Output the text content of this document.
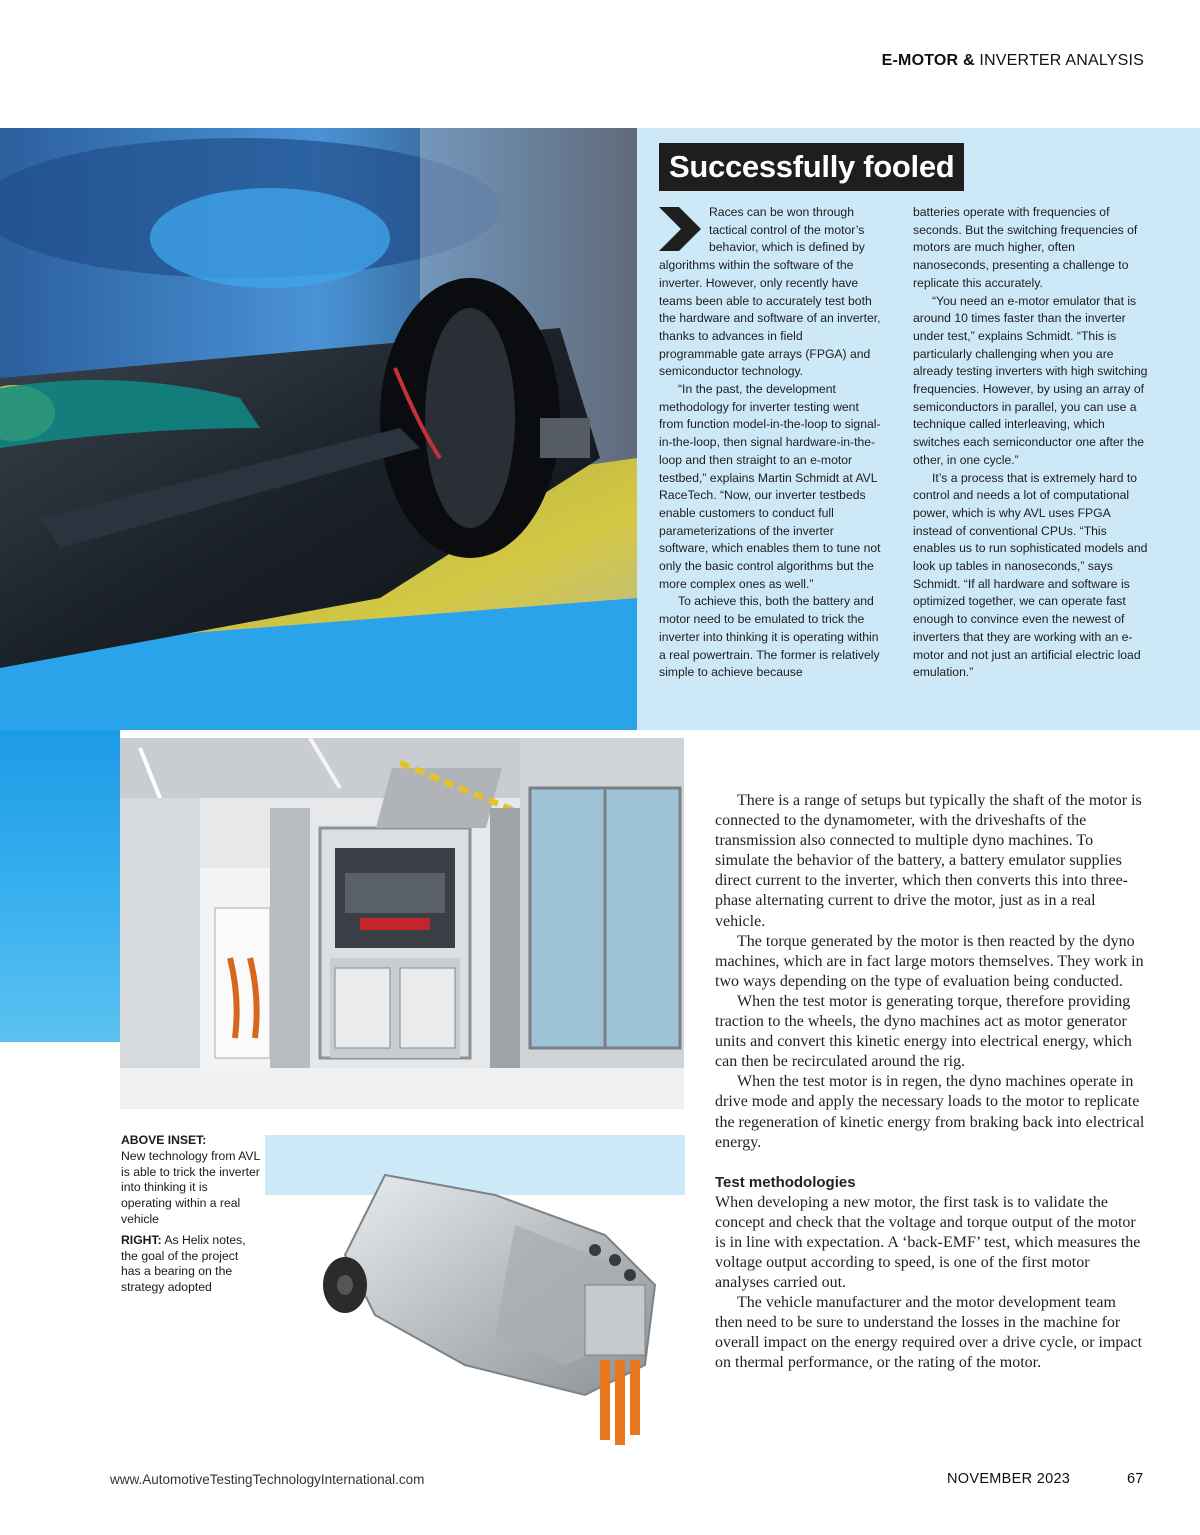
E-MOTOR & INVERTER ANALYSIS
Successfully fooled

Races can be won through tactical control of the motor’s behavior, which is defined by algorithms within the software of the inverter. However, only recently have teams been able to accurately test both the hardware and software of an inverter, thanks to advances in field programmable gate arrays (FPGA) and semiconductor technology.

“In the past, the development methodology for inverter testing went from function model-in-the-loop to signal-in-the-loop, then signal hardware-in-the-loop and then straight to an e-motor testbed,” explains Martin Schmidt at AVL RaceTech. “Now, our inverter testbeds enable customers to conduct full parameterizations of the inverter software, which enables them to tune not only the basic control algorithms but the more complex ones as well.”

To achieve this, both the battery and motor need to be emulated to trick the inverter into thinking it is operating within a real powertrain. The former is relatively simple to achieve because

batteries operate with frequencies of seconds. But the switching frequencies of motors are much higher, often nanoseconds, presenting a challenge to replicate this accurately.

“You need an e-motor emulator that is around 10 times faster than the inverter under test,” explains Schmidt. “This is particularly challenging when you are already testing inverters with high switching frequencies. However, by using an array of semiconductors in parallel, you can use a technique called interleaving, which switches each semiconductor one after the other, in one cycle.”

It’s a process that is extremely hard to control and needs a lot of computational power, which is why AVL uses FPGA instead of conventional CPUs. “This enables us to run sophisticated models and look up tables in nanoseconds,” says Schmidt. “If all hardware and software is optimized together, we can operate fast enough to convince even the newest of inverters that they are working with an e-motor and not just an artificial electric load emulation.”

ABOVE INSET:
New technology from AVL is able to trick the inverter into thinking it is operating within a real vehicle

RIGHT: As Helix notes, the goal of the project has a bearing on the strategy adopted

There is a range of setups but typically the shaft of the motor is connected to the dynamometer, with the driveshafts of the transmission also connected to multiple dyno machines. To simulate the behavior of the battery, a battery emulator supplies direct current to the inverter, which then converts this into three-phase alternating current to drive the motor, just as in a real vehicle.

The torque generated by the motor is then reacted by the dyno machines, which are in fact large motors themselves. They work in two ways depending on the type of evaluation being conducted.

When the test motor is generating torque, therefore providing traction to the wheels, the dyno machines act as motor generator units and convert this kinetic energy into electrical energy, which can then be recirculated around the rig.

When the test motor is in regen, the dyno machines operate in drive mode and apply the necessary loads to the motor to replicate the regeneration of kinetic energy from braking back into electrical energy.

Test methodologies

When developing a new motor, the first task is to validate the concept and check that the voltage and torque output of the motor is in line with expectation. A ‘back-EMF’ test, which measures the voltage output according to speed, is one of the first motor analyses carried out.

The vehicle manufacturer and the motor development team then need to be sure to understand the losses in the machine for overall impact on the energy required over a drive cycle, or impact on thermal performance, or the rating of the motor.

www.AutomotiveTestingTechnologyInternational.com	NOVEMBER 2023	67
